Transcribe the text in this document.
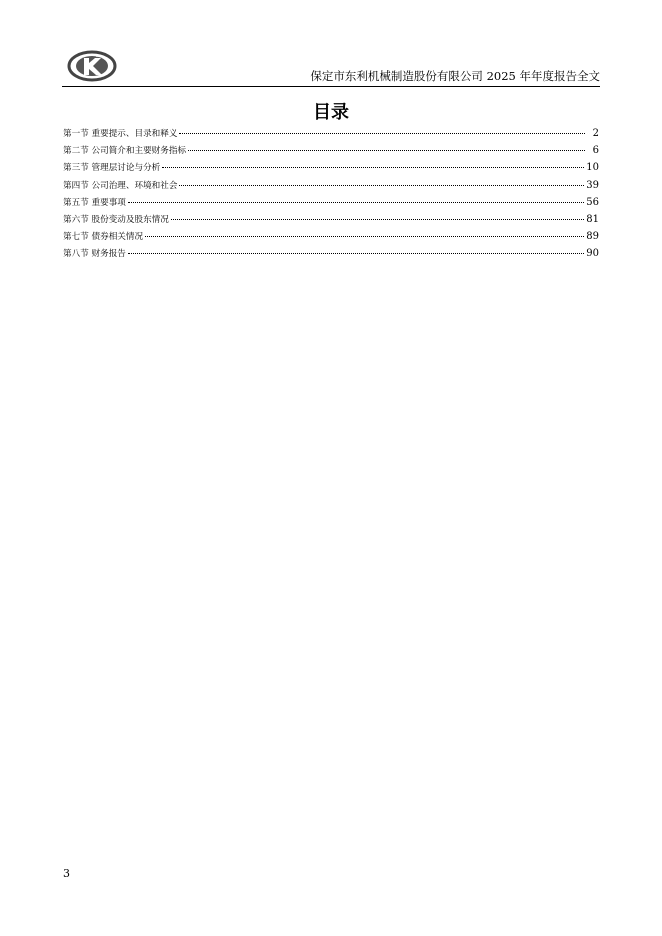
保定市东利机械制造股份有限公司 2025 年年度报告全文
目录
第一节 重要提示、目录和释义	2
第二节 公司简介和主要财务指标	6
第三节 管理层讨论与分析	10
第四节 公司治理、环境和社会	39
第五节 重要事项	56
第六节 股份变动及股东情况	81
第七节 债券相关情况	89
第八节 财务报告	90
3
